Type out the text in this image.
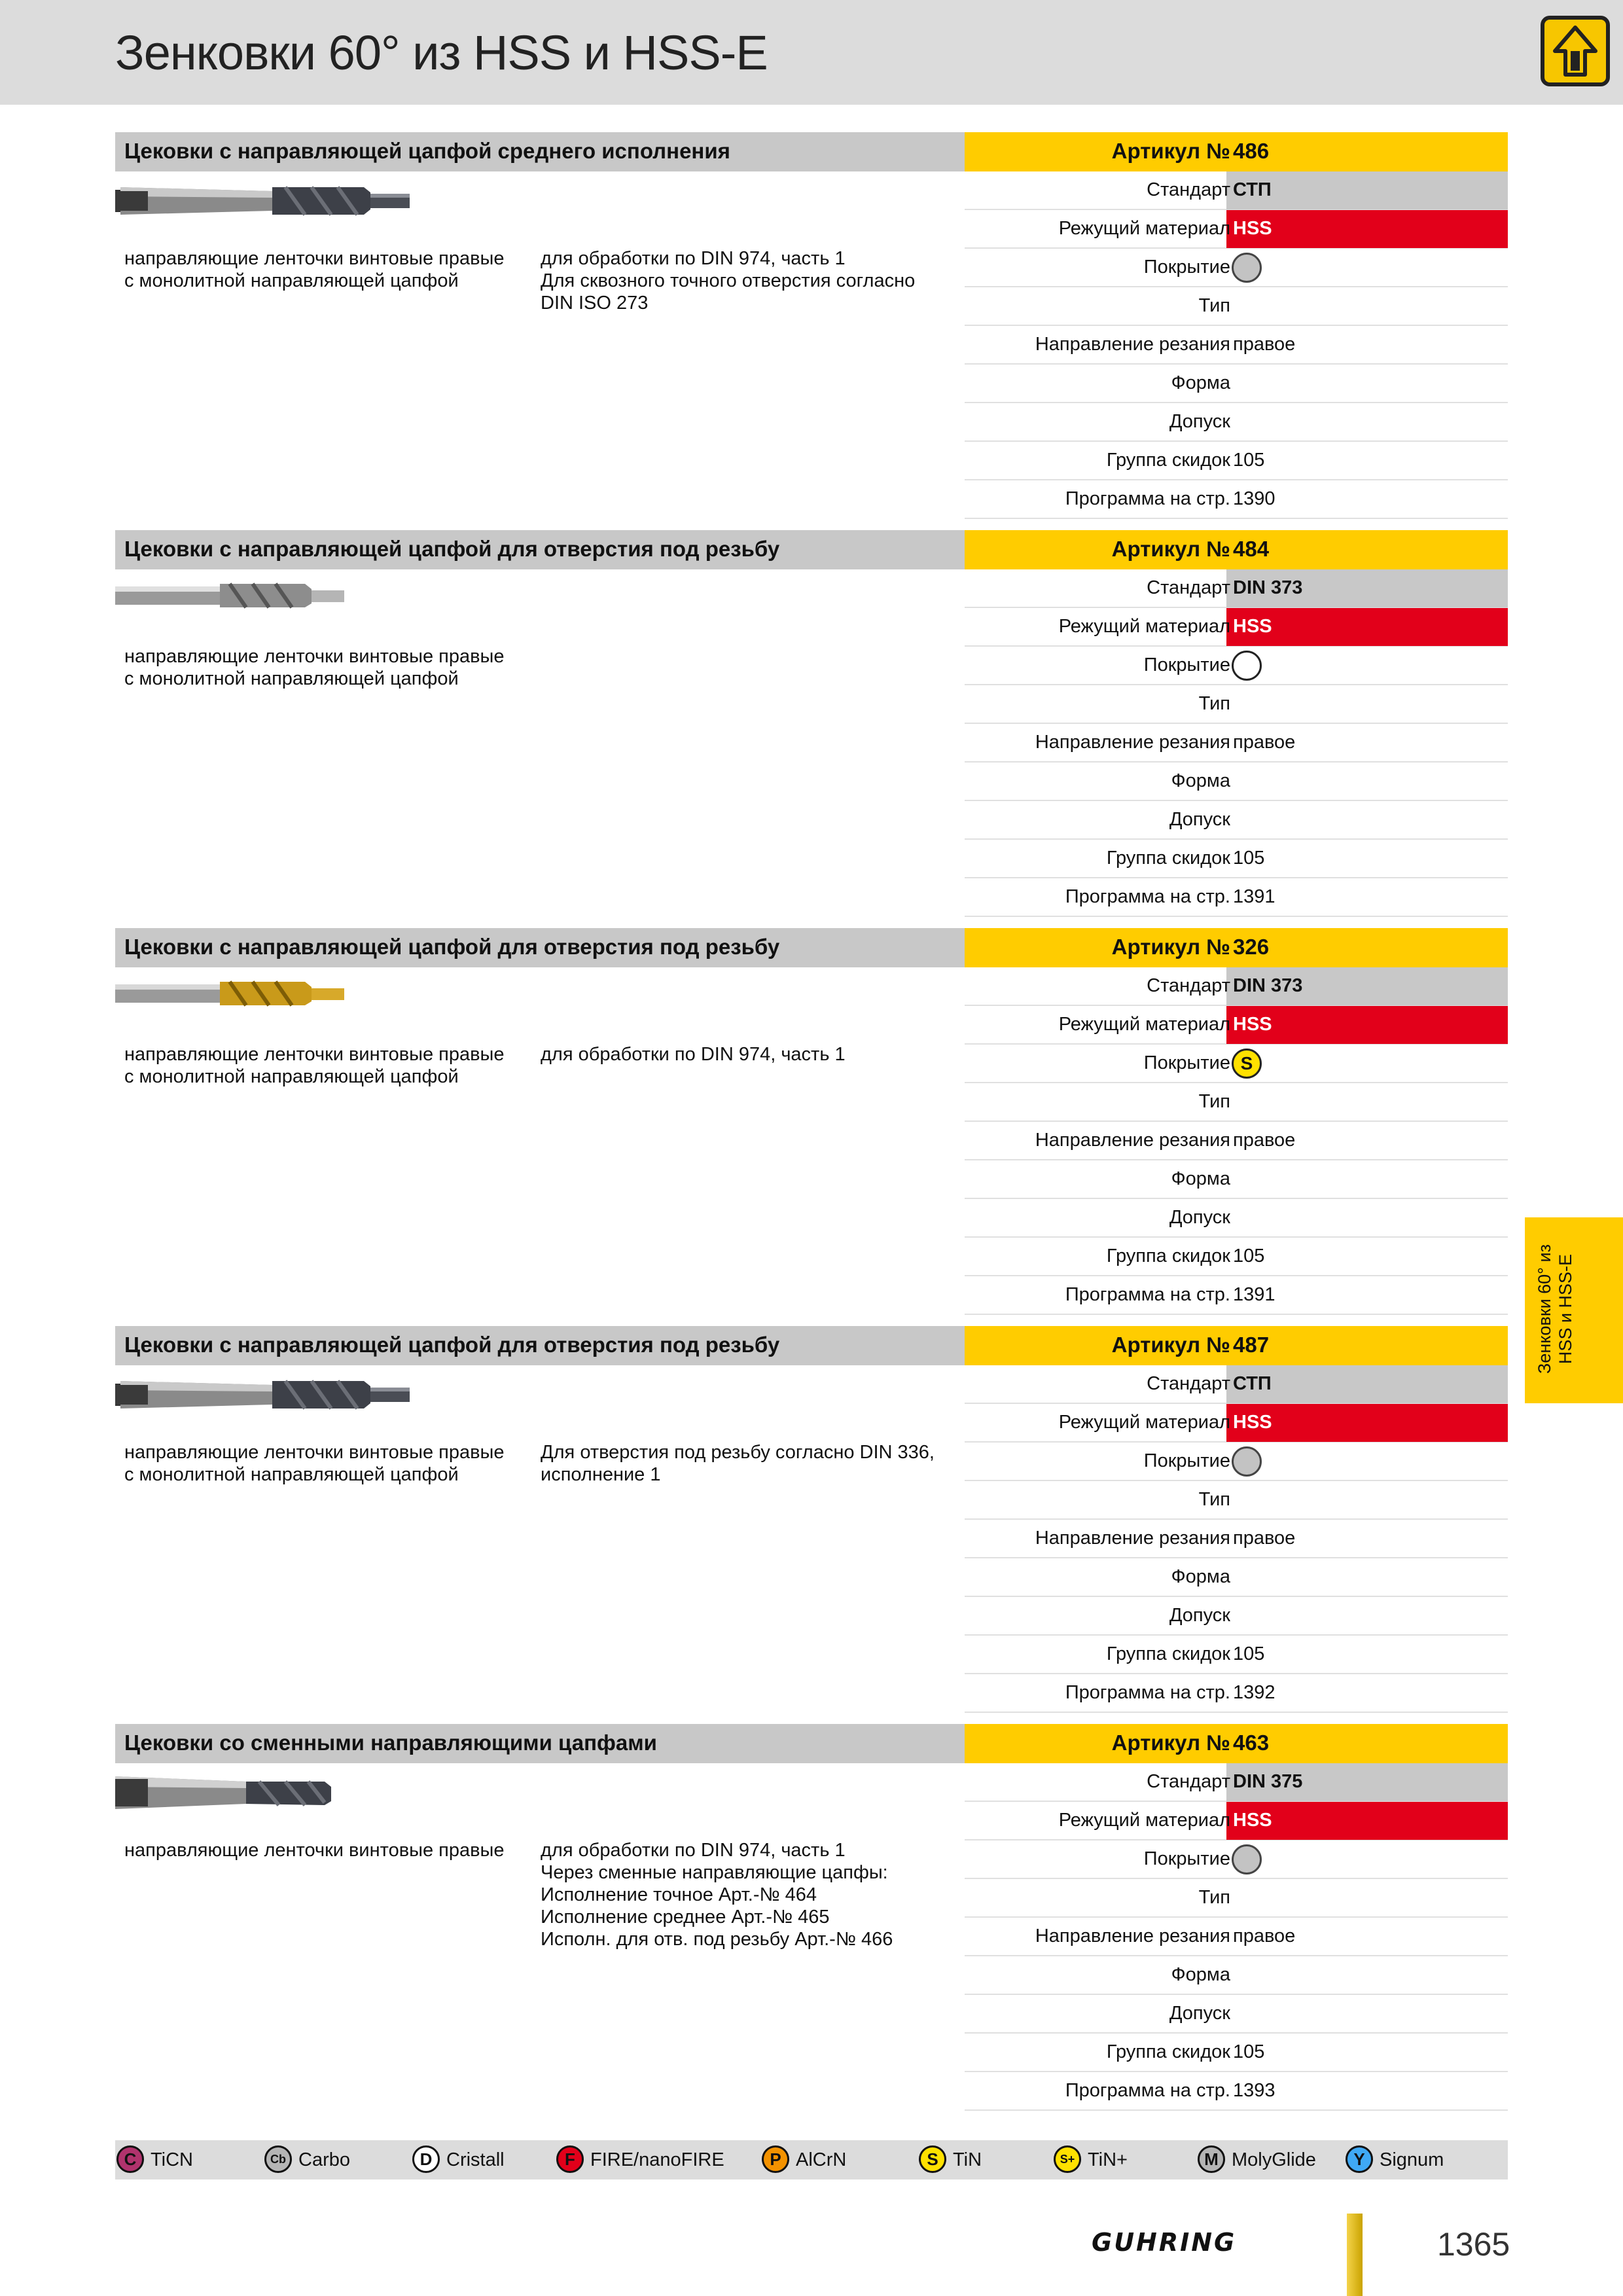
Зенковки 60° из HSS и HSS-E
Цековки с направляющей цапфой среднего исполнения
направляющие ленточки винтовые правые
с монолитной направляющей цапфой
для обработки по DIN 974, часть 1
Для сквозного точного отверстия согласно
DIN ISO 273
Артикул № 486
Стандарт СТП
Режущий материал HSS
Покрытие
Тип
Направление резания правое
Форма
Допуск
Группа скидок 105
Программа на стр. 1390
Цековки с направляющей цапфой для отверстия под резьбу
направляющие ленточки винтовые правые
с монолитной направляющей цапфой
Артикул № 484
Стандарт DIN 373
Режущий материал HSS
Покрытие
Тип
Направление резания правое
Форма
Допуск
Группа скидок 105
Программа на стр. 1391
Цековки с направляющей цапфой для отверстия под резьбу
направляющие ленточки винтовые правые
с монолитной направляющей цапфой
для обработки по DIN 974, часть 1
Артикул № 326
Стандарт DIN 373
Режущий материал HSS
Покрытие S
Тип
Направление резания правое
Форма
Допуск
Группа скидок 105
Программа на стр. 1391
Цековки с направляющей цапфой для отверстия под резьбу
направляющие ленточки винтовые правые
с монолитной направляющей цапфой
Для отверстия под резьбу согласно DIN 336,
исполнение 1
Артикул № 487
Стандарт СТП
Режущий материал HSS
Покрытие
Тип
Направление резания правое
Форма
Допуск
Группа скидок 105
Программа на стр. 1392
Цековки со сменными направляющими цапфами
направляющие ленточки винтовые правые для обработки по DIN 974, часть 1
Через сменные направляющие цапфы:
Исполнение точное Арт.-№ 464
Исполнение среднее Арт.-№ 465
Исполн. для отв. под резьбу Арт.-№ 466
Артикул № 463
Стандарт DIN 375
Режущий материал HSS
Покрытие
Тип
Направление резания правое
Форма
Допуск
Группа скидок 105
Программа на стр. 1393
Зенковки 60° из
HSS и HSS-E
C TiCN	Cb Carbo	D Cristall	F FIRE/nanoFIRE	P AlCrN	S TiN	S+ TiN+	M MolyGlide	Y Signum
GUHRING	1365
